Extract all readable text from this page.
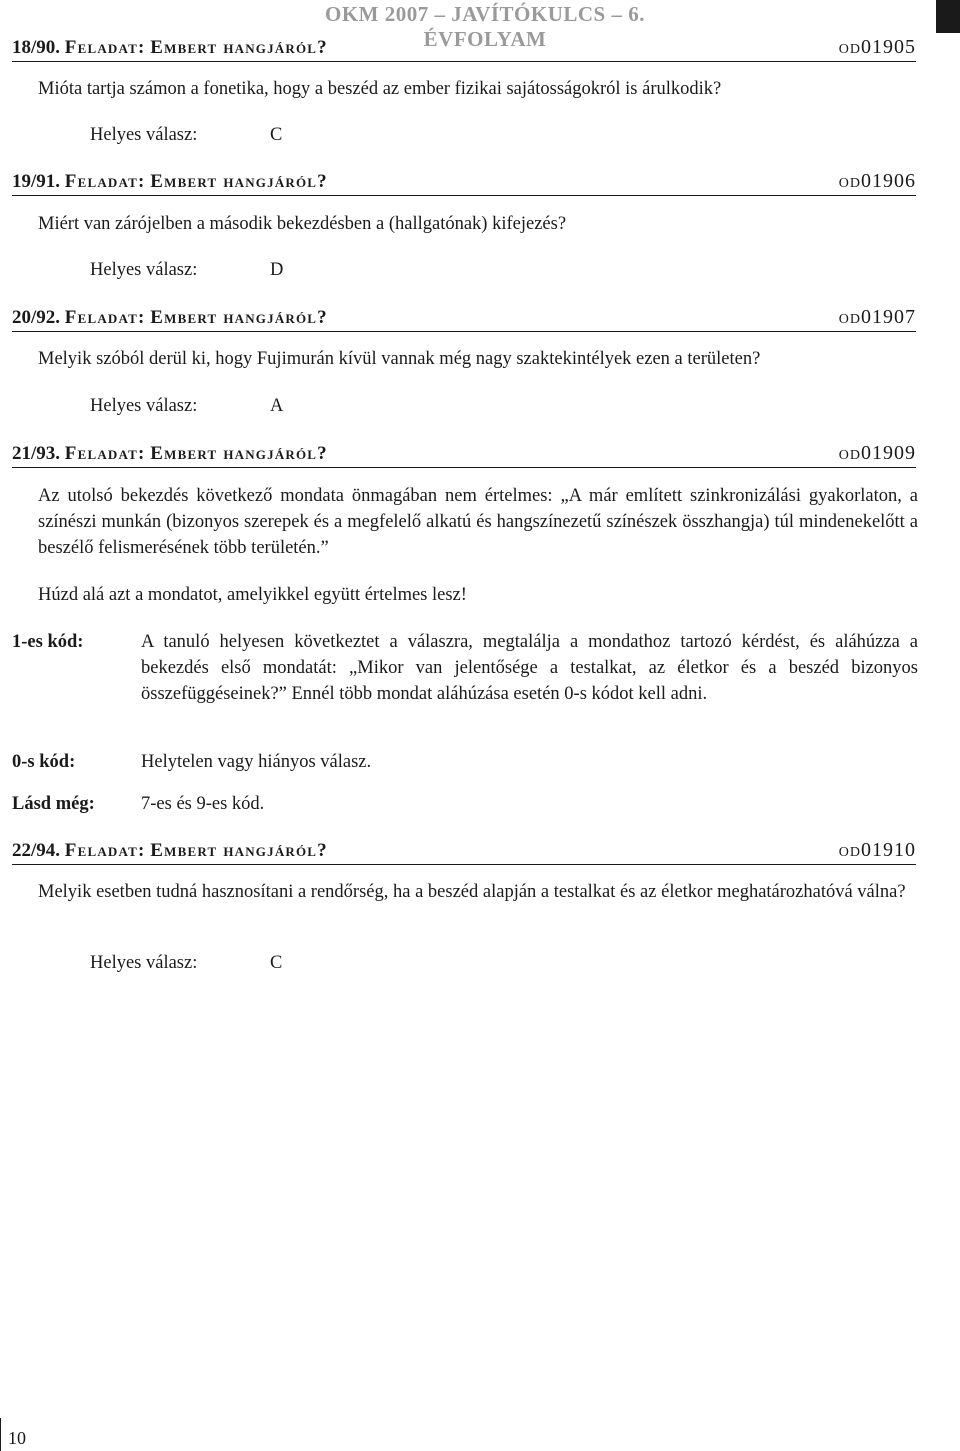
OKM 2007 – JAVÍTÓKULCS – 6. ÉVFOLYAM
18/90. Feladat: Embert hangjáról?	od01905
Mióta tartja számon a fonetika, hogy a beszéd az ember fizikai sajátosságokról is árulkodik?
Helyes válasz:	C
19/91. Feladat: Embert hangjáról?	od01906
Miért van zárójelben a második bekezdésben a (hallgatónak) kifejezés?
Helyes válasz:	D
20/92. Feladat: Embert hangjáról?	od01907
Melyik szóból derül ki, hogy Fujimurán kívül vannak még nagy szaktekintélyek ezen a területen?
Helyes válasz:	A
21/93. Feladat: Embert hangjáról?	od01909
Az utolsó bekezdés következő mondata önmagában nem értelmes: „A már említett szinkronizálási gyakorlaton, a színészi munkán (bizonyos szerepek és a megfelelő alkatú és hangszínezetű színészek összhangja) túl mindenekelőtt a beszélő felismerésének több területén.”
Húzd alá azt a mondatot, amelyikkel együtt értelmes lesz!
1-es kód:	A tanuló helyesen következtet a válaszra, megtalálja a mondathoz tartozó kérdést, és aláhúzza a bekezdés első mondatát: „Mikor van jelentősége a testalkat, az életkor és a beszéd bizonyos összefüggéseinek?” Ennél több mondat aláhúzása esetén 0-s kódot kell adni.
0-s kód:	Helytelen vagy hiányos válasz.
Lásd még:	7-es és 9-es kód.
22/94. Feladat: Embert hangjáról?	od01910
Melyik esetben tudná hasznosítani a rendőrség, ha a beszéd alapján a testalkat és az életkor meghatározhatóvá válna?
Helyes válasz:	C
10
